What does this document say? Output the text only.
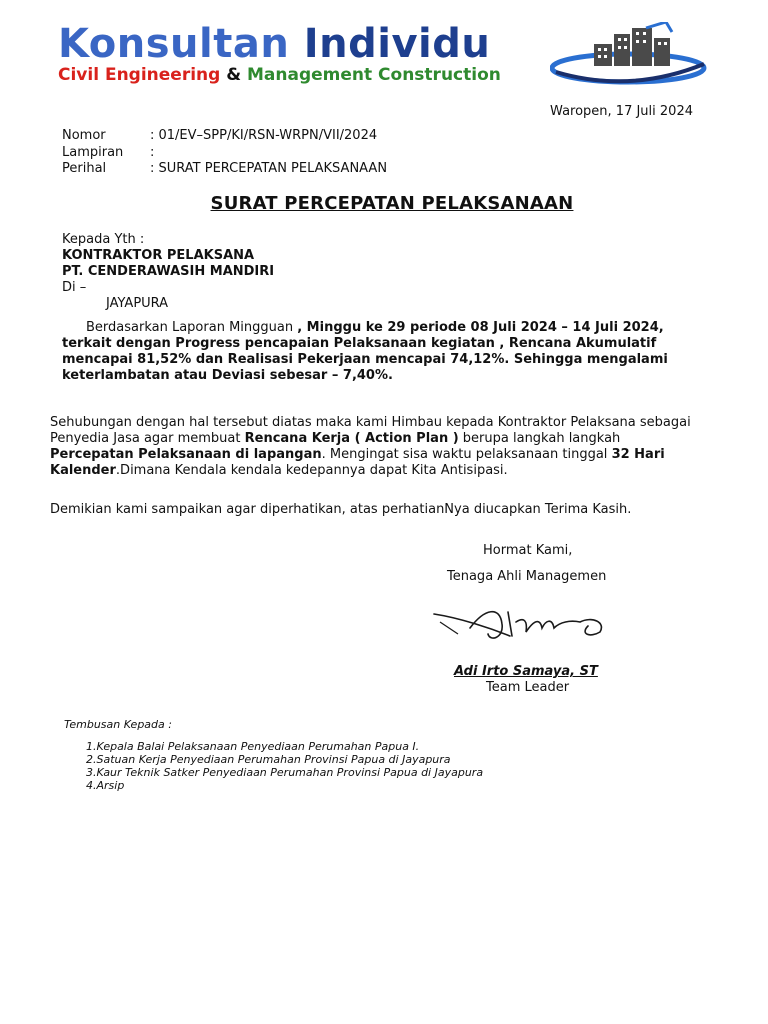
Konsultan Individu
Civil Engineering & Management Construction
Waropen, 17 Juli 2024
Nomor	: 01/EV–SPP/KI/RSN-WRPN/VII/2024
Lampiran :
Perihal	: SURAT PERCEPATAN PELAKSANAAN
SURAT PERCEPATAN PELAKSANAAN
Kepada Yth :
KONTRAKTOR PELAKSANA
PT. CENDERAWASIH MANDIRI
Di –
JAYAPURA
Berdasarkan Laporan Mingguan , Minggu ke 29 periode 08 Juli 2024 – 14 Juli 2024,
terkait dengan Progress pencapaian Pelaksanaan kegiatan , Rencana Akumulatif
mencapai 81,52% dan Realisasi Pekerjaan mencapai 74,12%. Sehingga mengalami
keterlambatan atau Deviasi sebesar – 7,40%.
Sehubungan dengan hal tersebut diatas maka kami Himbau kepada Kontraktor Pelaksana sebagai
Penyedia Jasa agar membuat Rencana Kerja ( Action Plan ) berupa langkah langkah
Percepatan Pelaksanaan di lapangan. Mengingat sisa waktu pelaksanaan tinggal 32 Hari
Kalender.Dimana Kendala kendala kedepannya dapat Kita Antisipasi.
Demikian kami sampaikan agar diperhatikan, atas perhatianNya diucapkan Terima Kasih.
Hormat Kami,
Tenaga Ahli Managemen
Adi Irto Samaya, ST
Team Leader
Tembusan Kepada :
1.Kepala Balai Pelaksanaan Penyediaan Perumahan Papua I.
2.Satuan Kerja Penyediaan Perumahan Provinsi Papua di Jayapura
3.Kaur Teknik Satker Penyediaan Perumahan Provinsi Papua di Jayapura
4.Arsip
